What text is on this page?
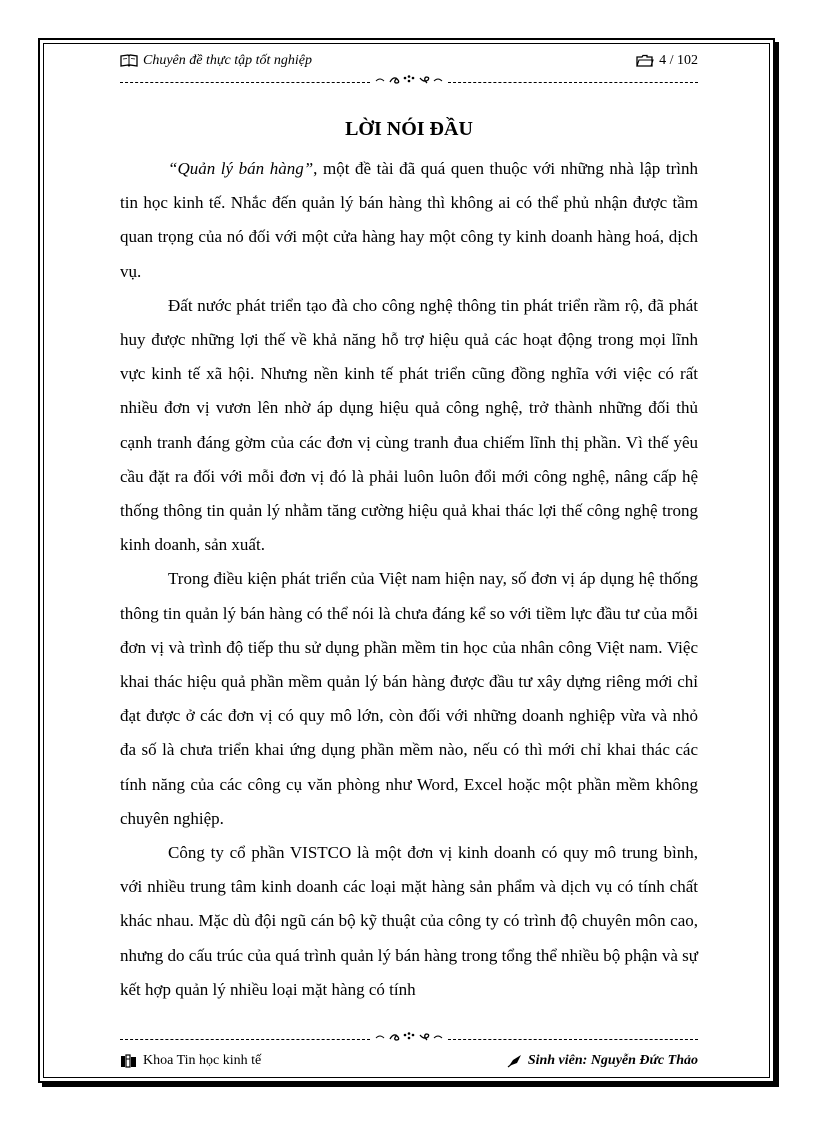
Chuyên đề thực tập tốt nghiệp	4 / 102
LỜI NÓI ĐẦU

“Quản lý bán hàng”, một đề tài đã quá quen thuộc với những nhà lập trình tin học kinh tế. Nhắc đến quản lý bán hàng thì không ai có thể phủ nhận được tầm quan trọng của nó đối với một cửa hàng hay một công ty kinh doanh hàng hoá, dịch vụ.

Đất nước phát triển tạo đà cho công nghệ thông tin phát triển rầm rộ, đã phát huy được những lợi thế về khả năng hỗ trợ hiệu quả các hoạt động trong mọi lĩnh vực kinh tế xã hội. Nhưng nền kinh tế phát triển cũng đồng nghĩa với việc có rất nhiều đơn vị vươn lên nhờ áp dụng hiệu quả công nghệ, trở thành những đối thủ cạnh tranh đáng gờm của các đơn vị cùng tranh đua chiếm lĩnh thị phần. Vì thế yêu cầu đặt ra đối với mỗi đơn vị đó là phải luôn luôn đổi mới công nghệ, nâng cấp hệ thống thông tin quản lý nhằm tăng cường hiệu quả khai thác lợi thế công nghệ trong kinh doanh, sản xuất.

Trong điều kiện phát triển của Việt nam hiện nay, số đơn vị áp dụng hệ thống thông tin quản lý bán hàng có thể nói là chưa đáng kể so với tiềm lực đầu tư của mỗi đơn vị và trình độ tiếp thu sử dụng phần mềm tin học của nhân công Việt nam. Việc khai thác hiệu quả phần mềm quản lý bán hàng được đầu tư xây dựng riêng mới chỉ đạt được ở các đơn vị có quy mô lớn, còn đối với những doanh nghiệp vừa và nhỏ đa số là chưa triển khai ứng dụng phần mềm nào, nếu có thì mới chỉ khai thác các tính năng của các công cụ văn phòng như Word, Excel hoặc một phần mềm không chuyên nghiệp.

Công ty cổ phần VISTCO là một đơn vị kinh doanh có quy mô trung bình, với nhiều trung tâm kinh doanh các loại mặt hàng sản phẩm và dịch vụ có tính chất khác nhau. Mặc dù đội ngũ cán bộ kỹ thuật của công ty có trình độ chuyên môn cao, nhưng do cấu trúc của quá trình quản lý bán hàng trong tổng thể nhiều bộ phận và sự kết hợp quản lý nhiều loại mặt hàng có tính

Khoa Tin học kinh tế	Sinh viên: Nguyễn Đức Thảo
